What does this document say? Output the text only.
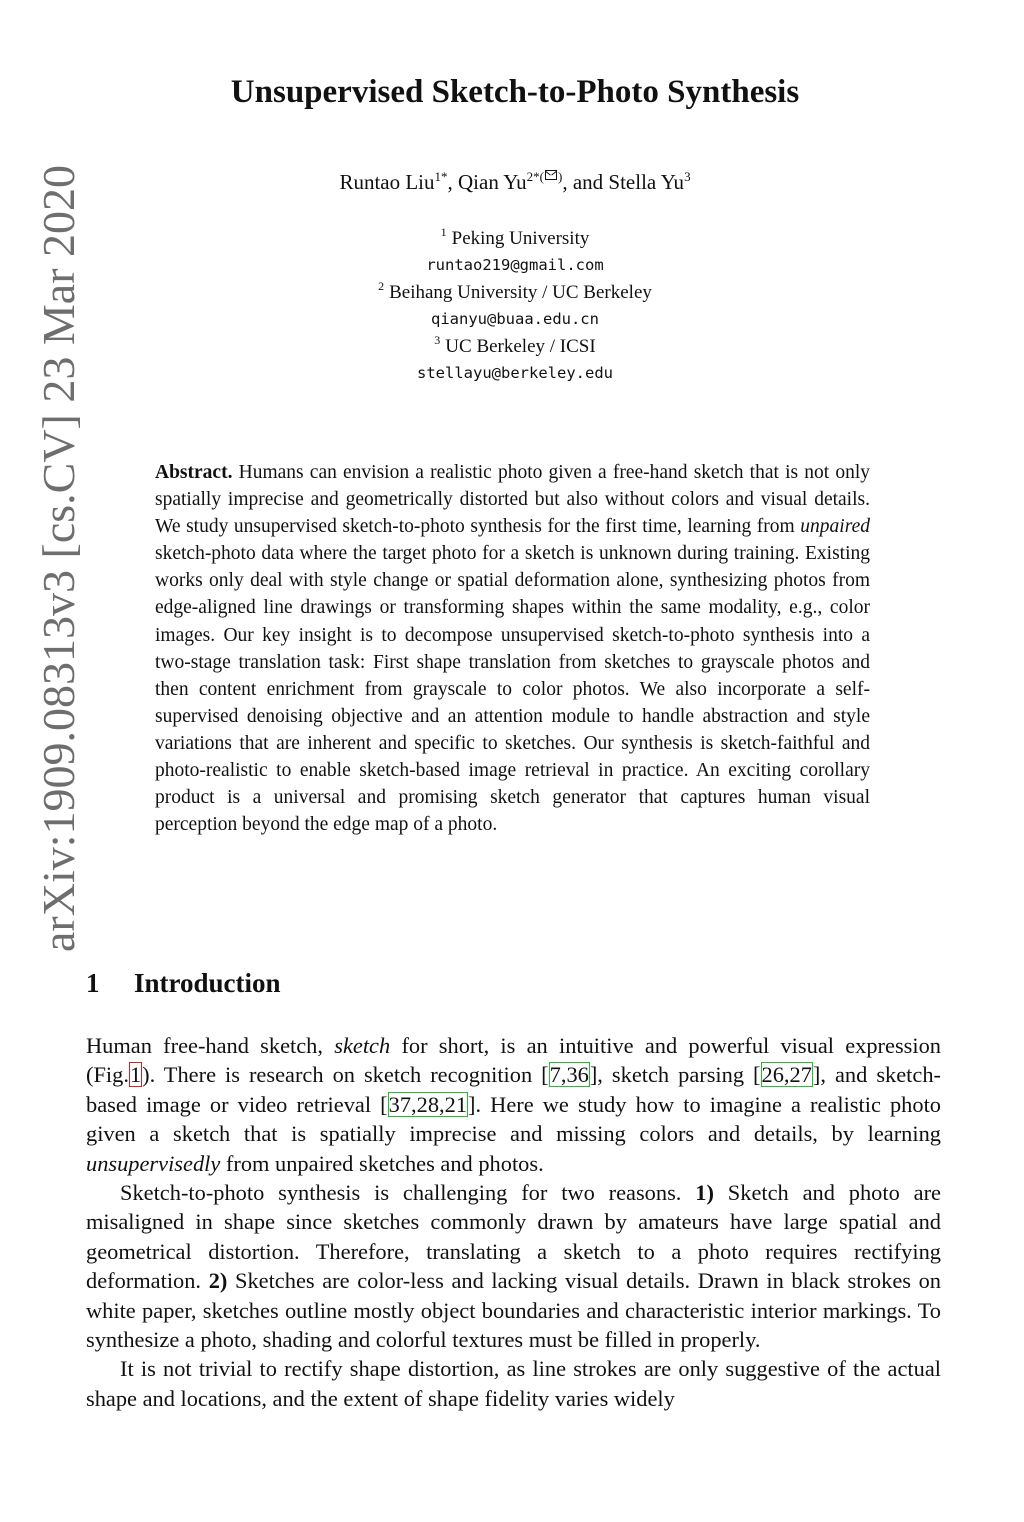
arXiv:1909.08313v3 [cs.CV] 23 Mar 2020
Unsupervised Sketch-to-Photo Synthesis
Runtao Liu$^{1*}$, Qian $Yu^{2*( )}$, and Stella Yu$^3$
$^1$ Peking University
runtao219@gmail.com
$^2$ Beihang University / UC Berkeley
qianyu@buaa.edu.cn
$^3$ UC Berkeley / ICSI
stellayu@berkeley.edu
Abstract. Humans can envision a realistic photo given a free-hand sketch that is not only spatially imprecise and geometrically distorted but also without colors and visual details. We study unsupervised sketch-to-photo synthesis for the first time, learning from unpaired sketch-photo data where the target photo for a sketch is unknown during training. Existing works only deal with style change or spatial deformation alone, synthesizing photos from edge-aligned line drawings or transforming shapes within the same modality, e.g., color images. Our key insight is to decompose unsupervised sketch-to-photo synthesis into a two-stage translation task: First shape translation from sketches to grayscale photos and then content enrichment from grayscale to color photos. We also incorporate a self-supervised denoising objective and an attention module to handle abstraction and style variations that are inherent and specific to sketches. Our synthesis is sketch-faithful and photo-realistic to enable sketch-based image retrieval in practice. An exciting corollary product is a universal and promising sketch generator that captures human visual perception beyond the edge map of a photo.
1 Introduction

Human free-hand sketch, sketch for short, is an intuitive and powerful visual expression (Fig.1). There is research on sketch recognition [7,36], sketch parsing [26,27], and sketch-based image or video retrieval [37,28,21]. Here we study how to imagine a realistic photo given a sketch that is spatially imprecise and missing colors and details, by learning unsupervisedly from unpaired sketches and photos.

Sketch-to-photo synthesis is challenging for two reasons. 1) Sketch and photo are misaligned in shape since sketches commonly drawn by amateurs have large spatial and geometrical distortion. Therefore, translating a sketch to a photo requires rectifying deformation. 2) Sketches are color-less and lacking visual details. Drawn in black strokes on white paper, sketches outline mostly object boundaries and characteristic interior markings. To synthesize a photo, shading and colorful textures must be filled in properly.

It is not trivial to rectify shape distortion, as line strokes are only suggestive of the actual shape and locations, and the extent of shape fidelity varies widely
